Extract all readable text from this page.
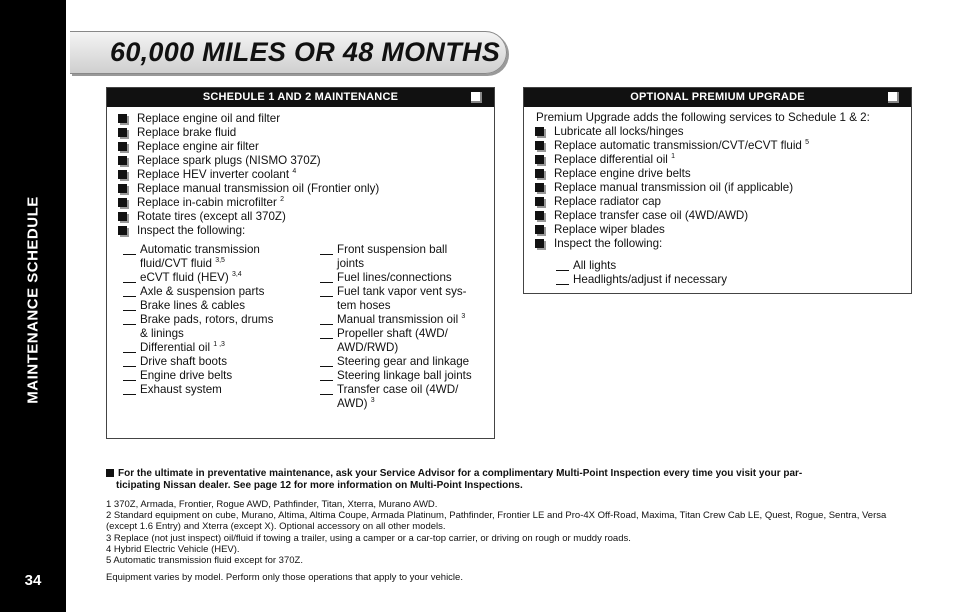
MAINTENANCE SCHEDULE
34
60,000 MILES OR 48 MONTHS
SCHEDULE 1 AND 2 MAINTENANCE
Replace engine oil and filter
Replace brake fluid
Replace engine air filter
Replace spark plugs (NISMO 370Z)
Replace HEV inverter coolant $^4$
Replace manual transmission oil (Frontier only)
Replace in-cabin microfilter $^2$
Rotate tires (except all 370Z)
Inspect the following:
Automatic transmission
fluid/CVT fluid $^{3,5}$
eCVT fluid (HEV) $^{3,4}$
Axle & suspension parts
Brake lines & cables
Brake pads, rotors, drums
& linings
Differential oil $^{1 ,3}$
Drive shaft boots
Engine drive belts
Exhaust system
Front suspension ball
joints
Fuel lines/connections
Fuel tank vapor vent sys-
tem hoses
Manual transmission oil $^3$
Propeller shaft (4WD/
AWD/RWD)
Steering gear and linkage
Steering linkage ball joints
Transfer case oil (4WD/
AWD) $^3$
OPTIONAL PREMIUM UPGRADE
Premium Upgrade adds the following services to Schedule 1 & 2:
Lubricate all locks/hinges
Replace automatic transmission/CVT/eCVT fluid $^5$
Replace differential oil $^1$
Replace engine drive belts
Replace manual transmission oil (if applicable)
Replace radiator cap
Replace transfer case oil (4WD/AWD)
Replace wiper blades
Inspect the following:
All lights
Headlights/adjust if necessary
For the ultimate in preventative maintenance, ask your Service Advisor for a complimentary Multi-Point Inspection every time you visit your par-
ticipating Nissan dealer. See page 12 for more information on Multi-Point Inspections.
1 370Z, Armada, Frontier, Rogue AWD, Pathfinder, Titan, Xterra, Murano AWD.
2 Standard equipment on cube, Murano, Altima, Altima Coupe, Armada Platinum, Pathfinder, Frontier LE and Pro-4X Off-Road, Maxima, Titan Crew Cab LE, Quest, Rogue, Sentra, Versa (except 1.6 Entry) and Xterra (except X). Optional accessory on all other models.
3 Replace (not just inspect) oil/fluid if towing a trailer, using a camper or a car-top carrier, or driving on rough or muddy roads.
4 Hybrid Electric Vehicle (HEV).
5 Automatic transmission fluid except for 370Z.
Equipment varies by model. Perform only those operations that apply to your vehicle.
